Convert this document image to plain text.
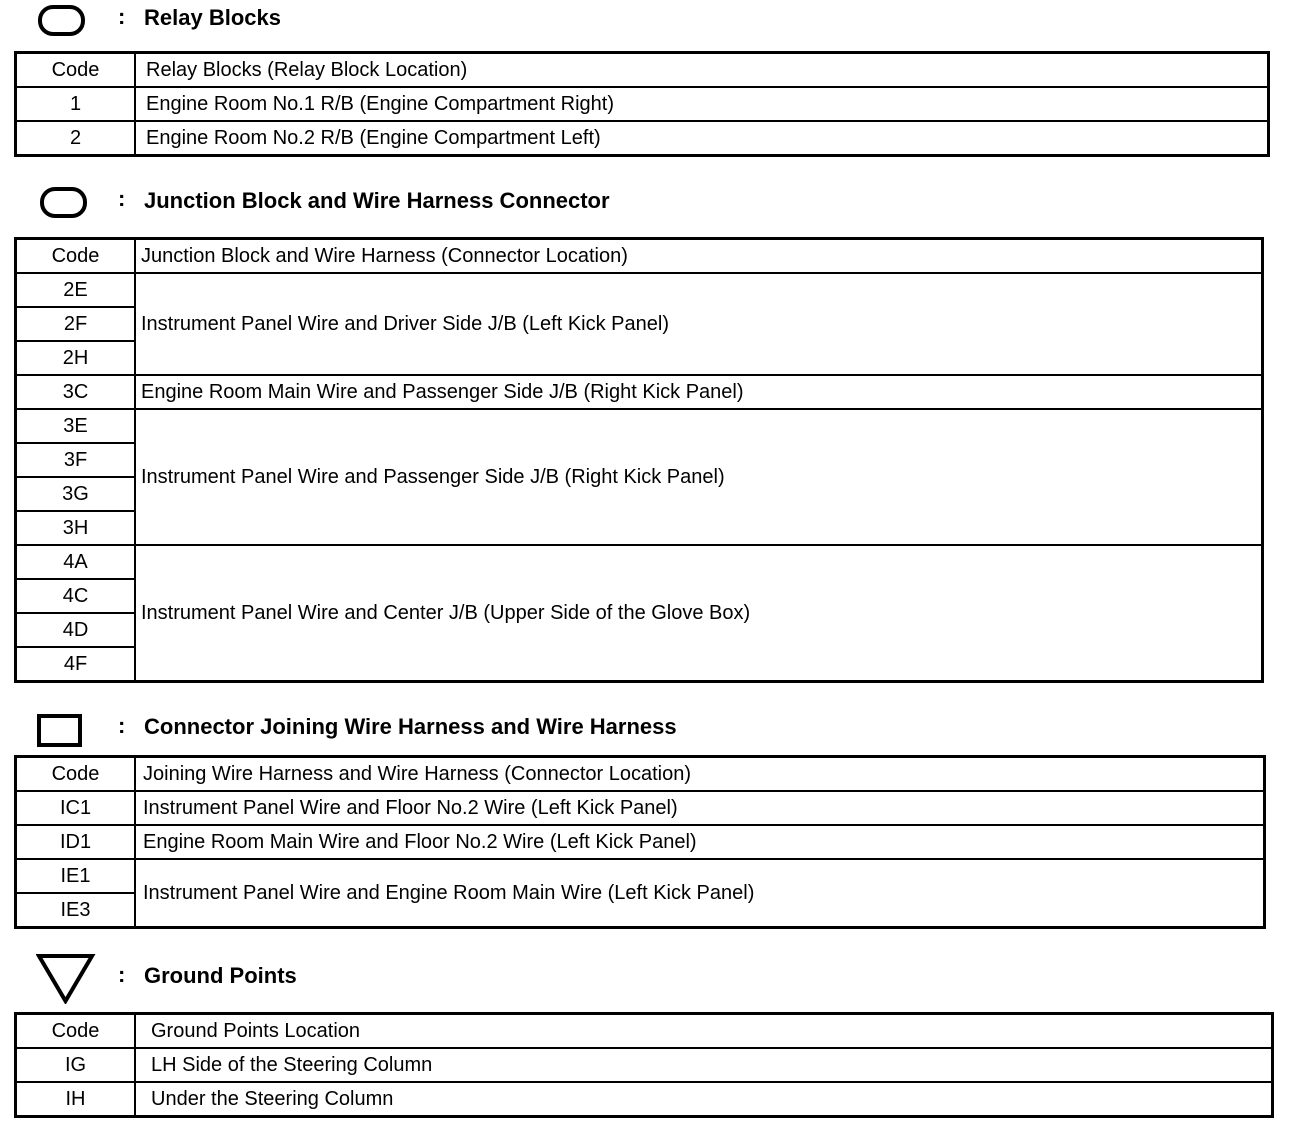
: Relay Blocks
Code	Relay Blocks (Relay Block Location)
1	Engine Room No.1 R/B (Engine Compartment Right)
2	Engine Room No.2 R/B (Engine Compartment Left)
: Junction Block and Wire Harness Connector
Code	Junction Block and Wire Harness (Connector Location)
2E	Instrument Panel Wire and Driver Side J/B (Left Kick Panel)
2F	
2H	
3C	Engine Room Main Wire and Passenger Side J/B (Right Kick Panel)
3E	Instrument Panel Wire and Passenger Side J/B (Right Kick Panel)
3F	
3G	
3H	
4A	Instrument Panel Wire and Center J/B (Upper Side of the Glove Box)
4C	
4D	
4F	
: Connector Joining Wire Harness and Wire Harness
Code	Joining Wire Harness and Wire Harness (Connector Location)
IC1	Instrument Panel Wire and Floor No.2 Wire (Left Kick Panel)
ID1	Engine Room Main Wire and Floor No.2 Wire (Left Kick Panel)
IE1	Instrument Panel Wire and Engine Room Main Wire (Left Kick Panel)
IE3	
: Ground Points
Code	Ground Points Location
IG	LH Side of the Steering Column
IH	Under the Steering Column
